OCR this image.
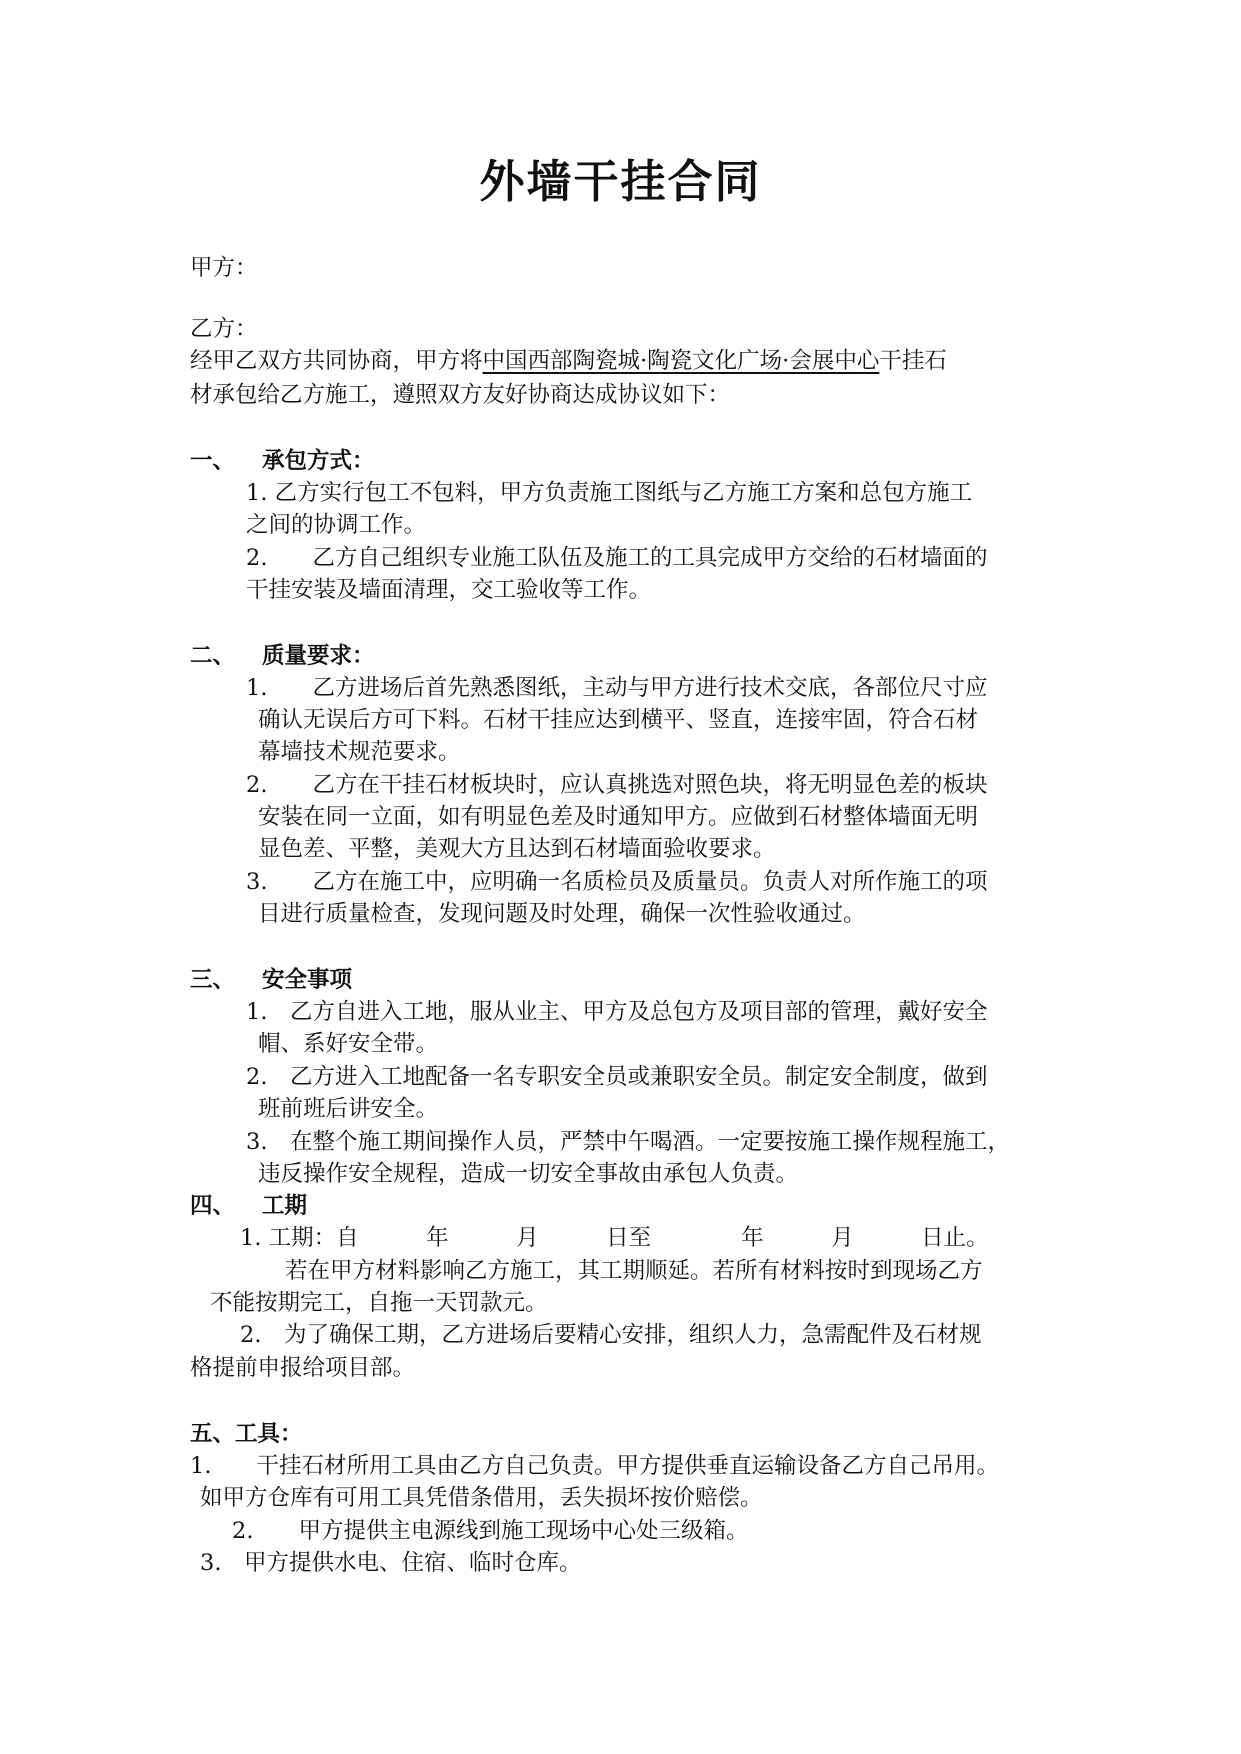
外墙干挂合同
甲方：
乙方：
经甲乙双方共同协商，甲方将中国西部陶瓷城·陶瓷文化广场·会展中心干挂石
材承包给乙方施工，遵照双方友好协商达成协议如下：
一、 承包方式：
1. 乙方实行包工不包料，甲方负责施工图纸与乙方施工方案和总包方施工
之间的协调工作。
2.　　乙方自己组织专业施工队伍及施工的工具完成甲方交给的石材墙面的
干挂安装及墙面清理，交工验收等工作。
二、 质量要求：
1.　　乙方进场后首先熟悉图纸，主动与甲方进行技术交底，各部位尺寸应
确认无误后方可下料。石材干挂应达到横平、竖直，连接牢固，符合石材
幕墙技术规范要求。
2.　　乙方在干挂石材板块时，应认真挑选对照色块，将无明显色差的板块
安装在同一立面，如有明显色差及时通知甲方。应做到石材整体墙面无明
显色差、平整，美观大方且达到石材墙面验收要求。
3.　　乙方在施工中，应明确一名质检员及质量员。负责人对所作施工的项
目进行质量检查，发现问题及时处理，确保一次性验收通过。
三、 安全事项
1.　乙方自进入工地，服从业主、甲方及总包方及项目部的管理，戴好安全
帽、系好安全带。
2.　乙方进入工地配备一名专职安全员或兼职安全员。制定安全制度，做到
班前班后讲安全。
3.　在整个施工期间操作人员，严禁中午喝酒。一定要按施工操作规程施工，
违反操作安全规程，造成一切安全事故由承包人负责。
四、 工期
1. 工期：自　　　年　　　月　　　日至　　　　年　　　月　　　日止。
若在甲方材料影响乙方施工，其工期顺延。若所有材料按时到现场乙方
不能按期完工，自拖一天罚款元。
2.　为了确保工期，乙方进场后要精心安排，组织人力，急需配件及石材规
格提前申报给项目部。
五、工具：
1.　　干挂石材所用工具由乙方自己负责。甲方提供垂直运输设备乙方自己吊用。
如甲方仓库有可用工具凭借条借用，丢失损坏按价赔偿。
2.　　甲方提供主电源线到施工现场中心处三级箱。
3.　甲方提供水电、住宿、临时仓库。
